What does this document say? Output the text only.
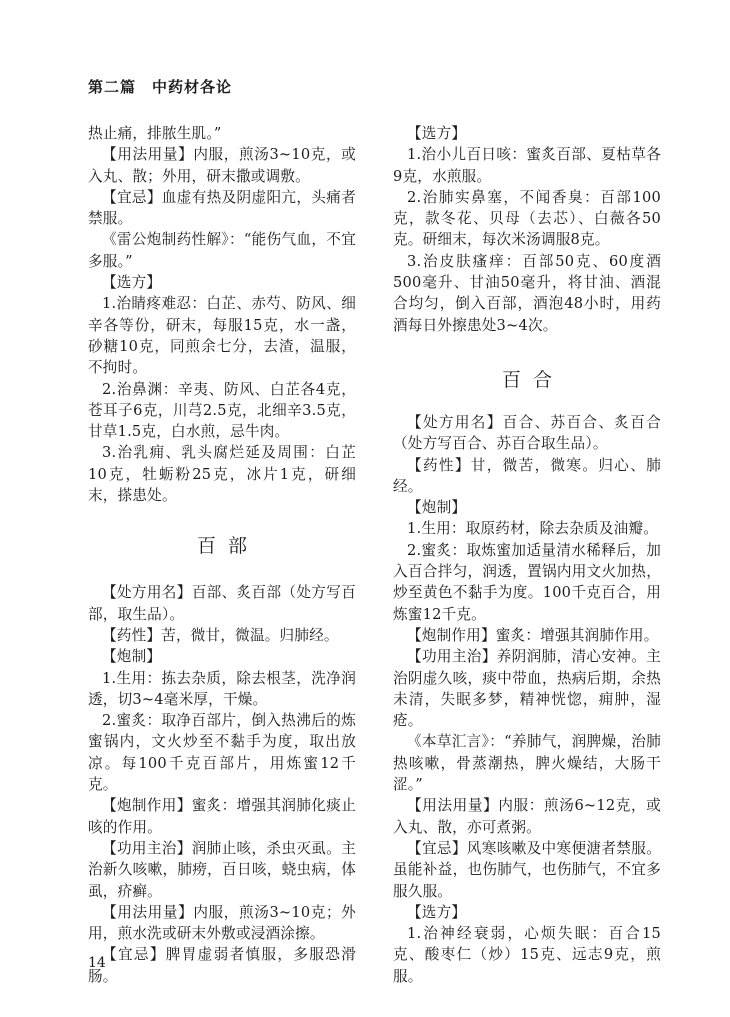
第二篇　中药材各论

热止痛，排脓生肌。”

【用法用量】内服，煎汤3~10克，或入丸、散；外用，研末撒或调敷。

【宜忌】血虚有热及阴虚阳亢，头痛者禁服。

《雷公炮制药性解》：“能伤气血，不宜多服。”

【选方】

1.治睛疼难忍：白芷、赤芍、防风、细辛各等份，研末，每服15克，水一盏，砂糖10克，同煎余七分，去渣，温服，不拘时。

2.治鼻渊：辛夷、防风、白芷各4克，苍耳子6克，川芎2.5克，北细辛3.5克，甘草1.5克，白水煎，忌牛肉。

3.治乳痈、乳头腐烂延及周围：白芷10克，牡蛎粉25克，冰片1克，研细末，搽患处。

百部

【处方用名】百部、炙百部（处方写百部，取生品）。

【药性】苦，微甘，微温。归肺经。

【炮制】

1.生用：拣去杂质，除去根茎，洗净润透，切3~4毫米厚，干燥。

2.蜜炙：取净百部片，倒入热沸后的炼蜜锅内，文火炒至不黏手为度，取出放凉。每100千克百部片，用炼蜜12千克。

【炮制作用】蜜炙：增强其润肺化痰止咳的作用。

【功用主治】润肺止咳，杀虫灭虱。主治新久咳嗽，肺痨，百日咳，蛲虫病，体虱，疥癣。

【用法用量】内服，煎汤3~10克；外用，煎水洗或研末外敷或浸酒涂擦。

【宜忌】脾胃虚弱者慎服，多服恐滑肠。

【选方】

1.治小儿百日咳：蜜炙百部、夏枯草各9克，水煎服。

2.治肺实鼻塞，不闻香臭：百部100克，款冬花、贝母（去芯）、白薇各50克。研细末，每次米汤调服8克。

3.治皮肤瘙痒：百部50克、60度酒500毫升、甘油50毫升，将甘油、酒混合均匀，倒入百部，酒泡48小时，用药酒每日外擦患处3~4次。

百合

【处方用名】百合、苏百合、炙百合（处方写百合、苏百合取生品）。

【药性】甘，微苦，微寒。归心、肺经。

【炮制】

1.生用：取原药材，除去杂质及油瓣。

2.蜜炙：取炼蜜加适量清水稀释后，加入百合拌匀，润透，置锅内用文火加热，炒至黄色不黏手为度。100千克百合，用炼蜜12千克。

【炮制作用】蜜炙：增强其润肺作用。

【功用主治】养阴润肺，清心安神。主治阴虚久咳，痰中带血，热病后期，余热未清，失眠多梦，精神恍惚，痈肿，湿疮。

《本草汇言》：“养肺气，润脾燥，治肺热咳嗽，骨蒸潮热，脾火燥结，大肠干涩。”

【用法用量】内服：煎汤6~12克，或入丸、散，亦可煮粥。

【宜忌】风寒咳嗽及中寒便溏者禁服。虽能补益，也伤肺气，也伤肺气，不宜多服久服。

【选方】

1.治神经衰弱，心烦失眠：百合15克、酸枣仁（炒）15克、远志9克，煎服。

14
